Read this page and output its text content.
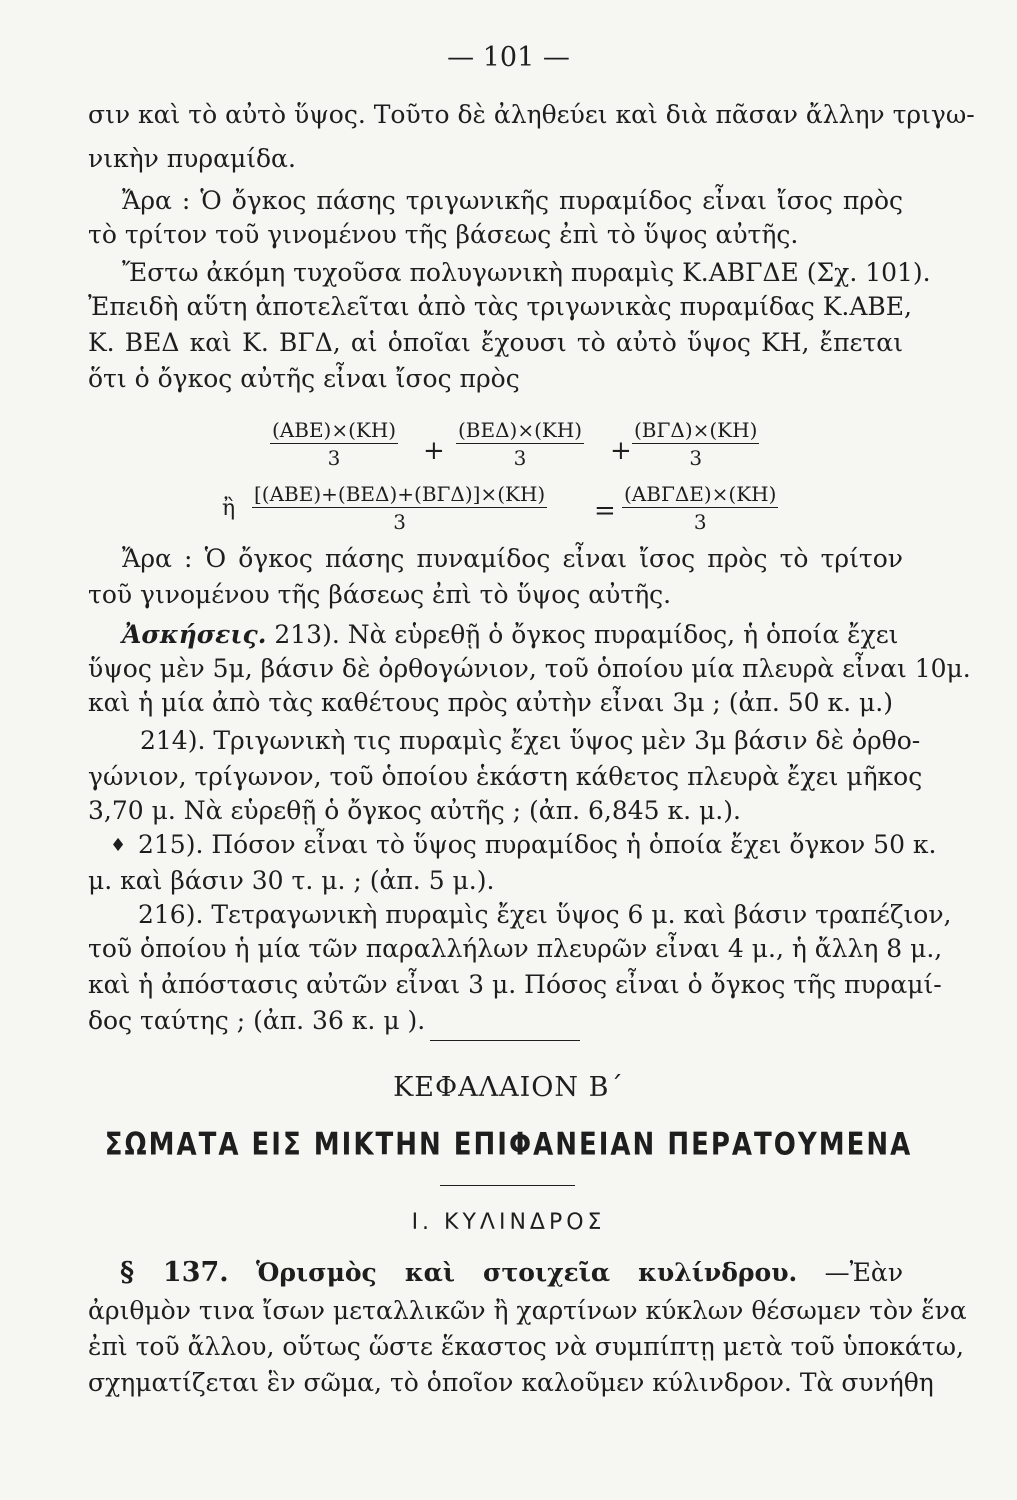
— 101 —
σιν καὶ τὸ αὐτὸ ὕψος. Τοῦτο δὲ ἀληθεύει καὶ διὰ πᾶσαν ἄλλην τριγω-
νικὴν πυραμίδα.
Ἄρα : Ὁ ὄγκος πάσης τριγωνικῆς πυραμίδος εἶναι ἴσος πρὸς
τὸ τρίτον τοῦ γινομένου τῆς βάσεως ἐπὶ τὸ ὕψος αὐτῆς.
Ἔστω ἀκόμη τυχοῦσα πολυγωνικὴ πυραμὶς Κ.ΑΒΓΔΕ (Σχ. 101).
Ἐπειδὴ αὕτη ἀποτελεῖται ἀπὸ τὰς τριγωνικὰς πυραμίδας Κ.ΑΒΕ,
Κ. ΒΕΔ καὶ Κ. ΒΓΔ, αἱ ὁποῖαι ἔχουσι τὸ αὐτὸ ὕψος ΚΗ, ἔπεται
ὅτι ὁ ὄγκος αὐτῆς εἶναι ἴσος πρὸς
(ΑΒΕ)×(ΚΗ)
3	+
(ΒΕΔ)×(ΚΗ)
3	+
(ΒΓΔ)×(ΚΗ)
3
ἢ
[(ΑΒΕ)+(ΒΕΔ)+(ΒΓΔ)]×(ΚΗ)
3	=
(ΑΒΓΔΕ)×(ΚΗ)
3
Ἄρα : Ὁ ὄγκος πάσης πυναμίδος εἶναι ἴσος πρὸς τὸ τρίτον
τοῦ γινομένου τῆς βάσεως ἐπὶ τὸ ὕψος αὐτῆς.
Ἀσκήσεις. 213). Νὰ εὑρεθῇ ὁ ὄγκος πυραμίδος, ἡ ὁποία ἔχει
ὕψος μὲν 5μ, βάσιν δὲ ὀρθογώνιον, τοῦ ὁποίου μία πλευρὰ εἶναι 10μ.
καὶ ἡ μία ἀπὸ τὰς καθέτους πρὸς αὐτὴν εἶναι 3μ ; (ἀπ. 50 κ. μ.)
214). Τριγωνικὴ τις πυραμὶς ἔχει ὕψος μὲν 3μ βάσιν δὲ ὀρθο-
γώνιον, τρίγωνον, τοῦ ὁποίου ἑκάστη κάθετος πλευρὰ ἔχει μῆκος
3,70 μ. Νὰ εὑρεθῇ ὁ ὄγκος αὐτῆς ; (ἀπ. 6,845 κ. μ.).
♦ 215). Πόσον εἶναι τὸ ὕψος πυραμίδος ἡ ὁποία ἔχει ὄγκον 50 κ.
μ. καὶ βάσιν 30 τ. μ. ; (ἀπ. 5 μ.).
216). Τετραγωνικὴ πυραμὶς ἔχει ὕψος 6 μ. καὶ βάσιν τραπέζιον,
τοῦ ὁποίου ἡ μία τῶν παραλλήλων πλευρῶν εἶναι 4 μ., ἡ ἄλλη 8 μ.,
καὶ ἡ ἀπόστασις αὐτῶν εἶναι 3 μ. Πόσος εἶναι ὁ ὄγκος τῆς πυραμί-
δος ταύτης ; (ἀπ. 36 κ. μ ).
ΚΕΦΑΛΑΙΟΝ Β΄
ΣΩΜΑΤΑ ΕΙΣ ΜΙΚΤΗΝ ΕΠΙΦΑΝΕΙΑΝ ΠΕΡΑΤΟΥΜΕΝΑ
Ι. ΚΥΛΙΝΔΡΟΣ
§ 137. Ὁρισμὸς καὶ στοιχεῖα κυλίνδρου. —Ἐὰν
ἀριθμὸν τινα ἴσων μεταλλικῶν ἢ χαρτίνων κύκλων θέσωμεν τὸν ἕνα
ἐπὶ τοῦ ἄλλου, οὕτως ὥστε ἕκαστος νὰ συμπίπτῃ μετὰ τοῦ ὑποκάτω,
σχηματίζεται ἓν σῶμα, τὸ ὁποῖον καλοῦμεν κύλινδρον. Τὰ συνήθη
